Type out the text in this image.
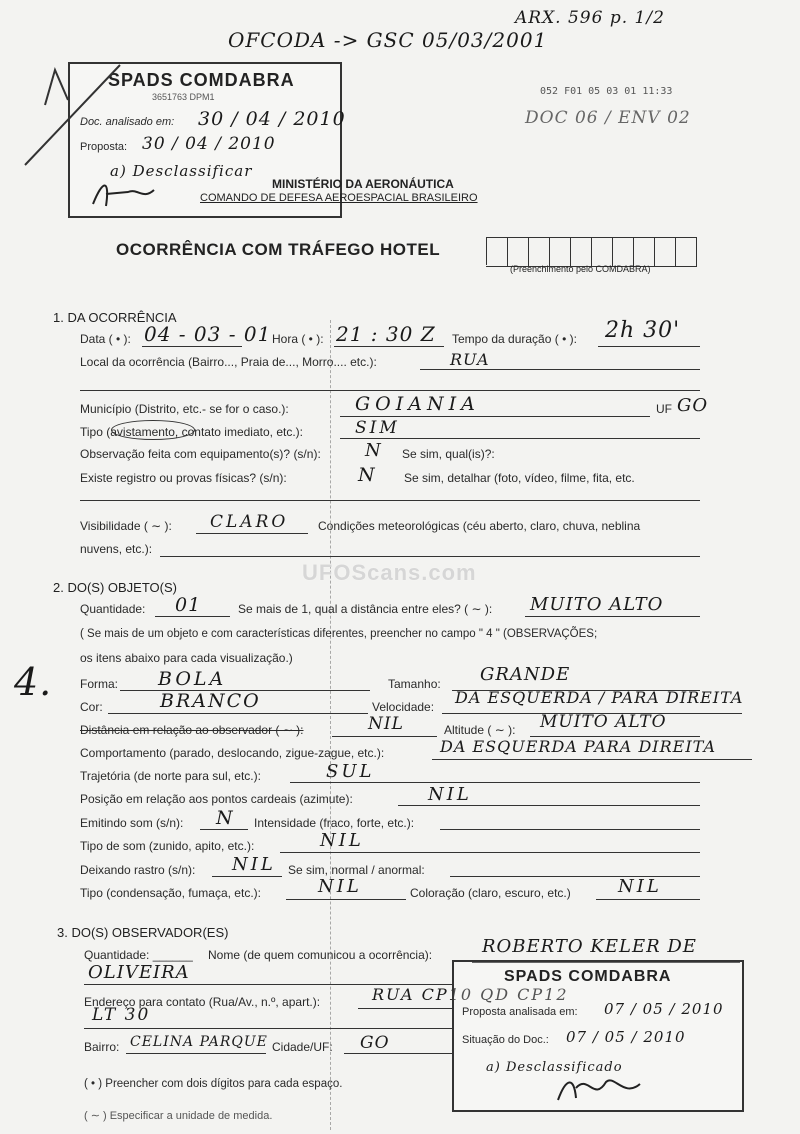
ARX. 596 p. 1/2
OFCODA -> GSC 05/03/2001
052 F01 05 03 01 11:33
DOC 06 / ENV 02
SPADS COMDABRA
3651763 DPM1
Doc. analisado em: 30 / 04 / 2010
Proposta: 30 / 04 / 2010
a) Desclassificar
MINISTÉRIO DA AERONÁUTICA
COMANDO DE DEFESA AEROESPACIAL BRASILEIRO
OCORRÊNCIA COM TRÁFEGO HOTEL
(Preenchimento pelo COMDABRA)
1. DA OCORRÊNCIA
Data ( • ): 04 - 03 - 01 Hora ( • ): 21 : 30 Z Tempo da duração ( • ): 2h 30'
Local da ocorrência (Bairro..., Praia de..., Morro.... etc.):	RUA
Município (Distrito, etc.- se for o caso.):	GOIANIA	UF GO
Tipo (avistamento, contato imediato, etc.):	SIM
Observação feita com equipamento(s)? (s/n): N Se sim, qual(is)?:
Existe registro ou provas físicas? (s/n):	N Se sim, detalhar (foto, vídeo, filme, fita, etc.
Visibilidade ( ∼ ): CLARO Condições meteorológicas (céu aberto, claro, chuva, neblina
nuvens, etc.):
2. DO(S) OBJETO(S)
Quantidade: 01	Se mais de 1, qual a distância entre eles? ( ∼ ): MUITO ALTO
( Se mais de um objeto e com características diferentes, preencher no campo " 4 " (OBSERVAÇÕES;
os itens abaixo para cada visualização.)
4. Forma: BOLA	Tamanho: GRANDE
Cor:	BRANCO	Velocidade: DA ESQUERDA / PARA DIREITA
Distância em relação ao observador ( ∼ ):	NIL	Altitude ( ∼ ): MUITO ALTO
Comportamento (parado, deslocando, zigue-zague, etc.):	DA ESQUERDA PARA DIREITA
Trajetória (de norte para sul, etc.):	SUL
Posição em relação aos pontos cardeais (azimute):	NIL
Emitindo som (s/n): N Intensidade (fraco, forte, etc.):
Tipo de som (zunido, apito, etc.):	NIL
Deixando rastro (s/n): NIL Se sim, normal / anormal:
Tipo (condensação, fumaça, etc.):	NIL	Coloração (claro, escuro, etc.)	NIL
3. DO(S) OBSERVADOR(ES)
Quantidade: ______ Nome (de quem comunicou a ocorrência):	ROBERTO KELER DE
OLIVEIRA
Endereço para contato (Rua/Av., n.º, apart.):	RUA CP10 QD CP12
LT 30
Bairro: CELINA PARQUE Cidade/UF: GO
( • ) Preencher com dois dígitos para cada espaço.
( ∼ ) Especificar a unidade de medida.
SPADS COMDABRA
Proposta analisada em: 07 / 05 / 2010
Situação do Doc.: 07 / 05 / 2010
a) Desclassificado
UFOScans.com
